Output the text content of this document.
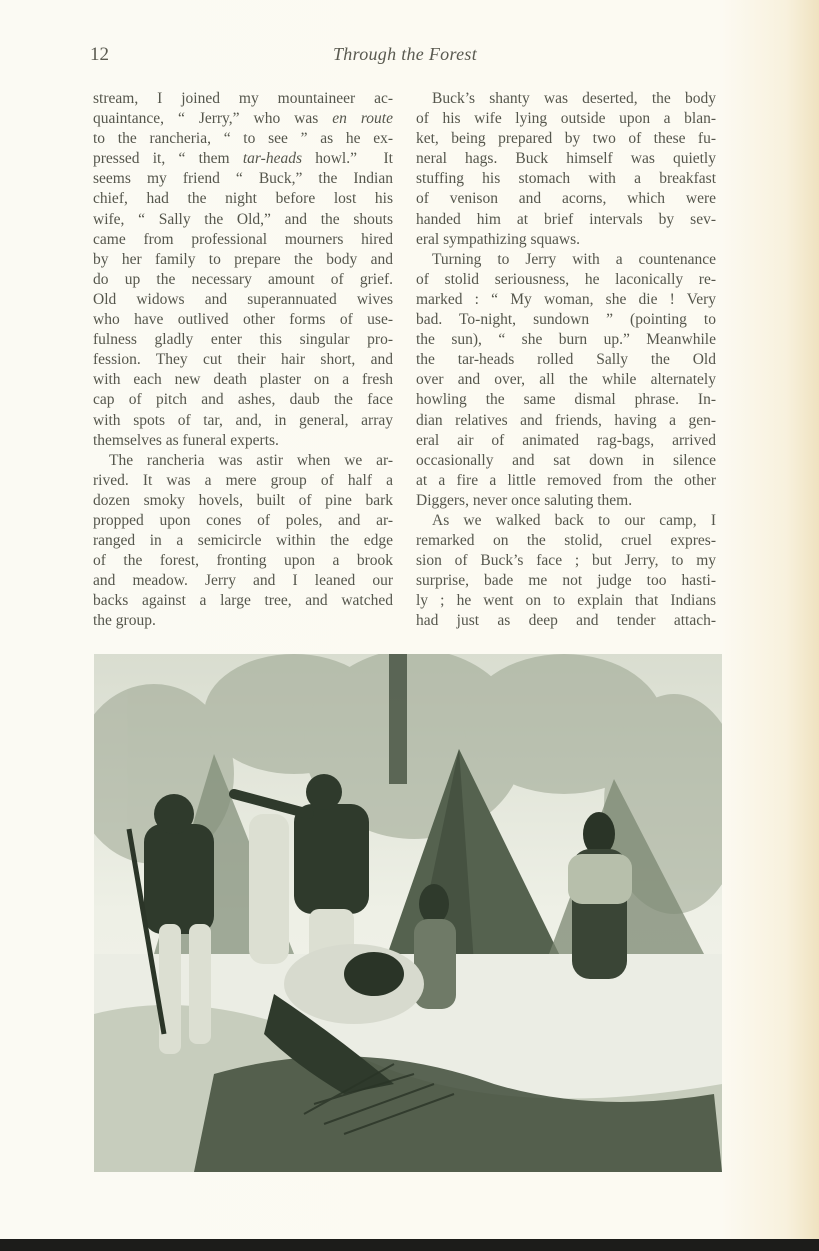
12	Through the Forest
stream, I joined my mountaineer ac-
quaintance, “ Jerry,” who was en route
to the rancheria, “ to see ” as he ex-
pressed it, “ them tar-heads howl.”  It
seems my friend “ Buck,” the Indian
chief, had the night before lost his
wife, “ Sally the Old,” and the shouts
came from professional mourners hired
by her family to prepare the body and
do up the necessary amount of grief.
Old widows and superannuated wives
who have outlived other forms of use-
fulness gladly enter this singular pro-
fession. They cut their hair short, and
with each new death plaster on a fresh
cap of pitch and ashes, daub the face
with spots of tar, and, in general, array
themselves as funeral experts.
The rancheria was astir when we ar-
rived. It was a mere group of half a
dozen smoky hovels, built of pine bark
propped upon cones of poles, and ar-
ranged in a semicircle within the edge
of the forest, fronting upon a brook
and meadow. Jerry and I leaned our
backs against a large tree, and watched
the group.
Buck’s shanty was deserted, the body
of his wife lying outside upon a blan-
ket, being prepared by two of these fu-
neral hags. Buck himself was quietly
stuffing his stomach with a breakfast
of venison and acorns, which were
handed him at brief intervals by sev-
eral sympathizing squaws.
Turning to Jerry with a countenance
of stolid seriousness, he laconically re-
marked : “ My woman, she die ! Very
bad. To-night, sundown ” (pointing to
the sun), “ she burn up.” Meanwhile
the tar-heads rolled Sally the Old
over and over, all the while alternately
howling the same dismal phrase. In-
dian relatives and friends, having a gen-
eral air of animated rag-bags, arrived
occasionally and sat down in silence
at a fire a little removed from the other
Diggers, never once saluting them.
As we walked back to our camp, I
remarked on the stolid, cruel expres-
sion of Buck’s face ; but Jerry, to my
surprise, bade me not judge too hasti-
ly ; he went on to explain that Indians
had just as deep and tender attach-
